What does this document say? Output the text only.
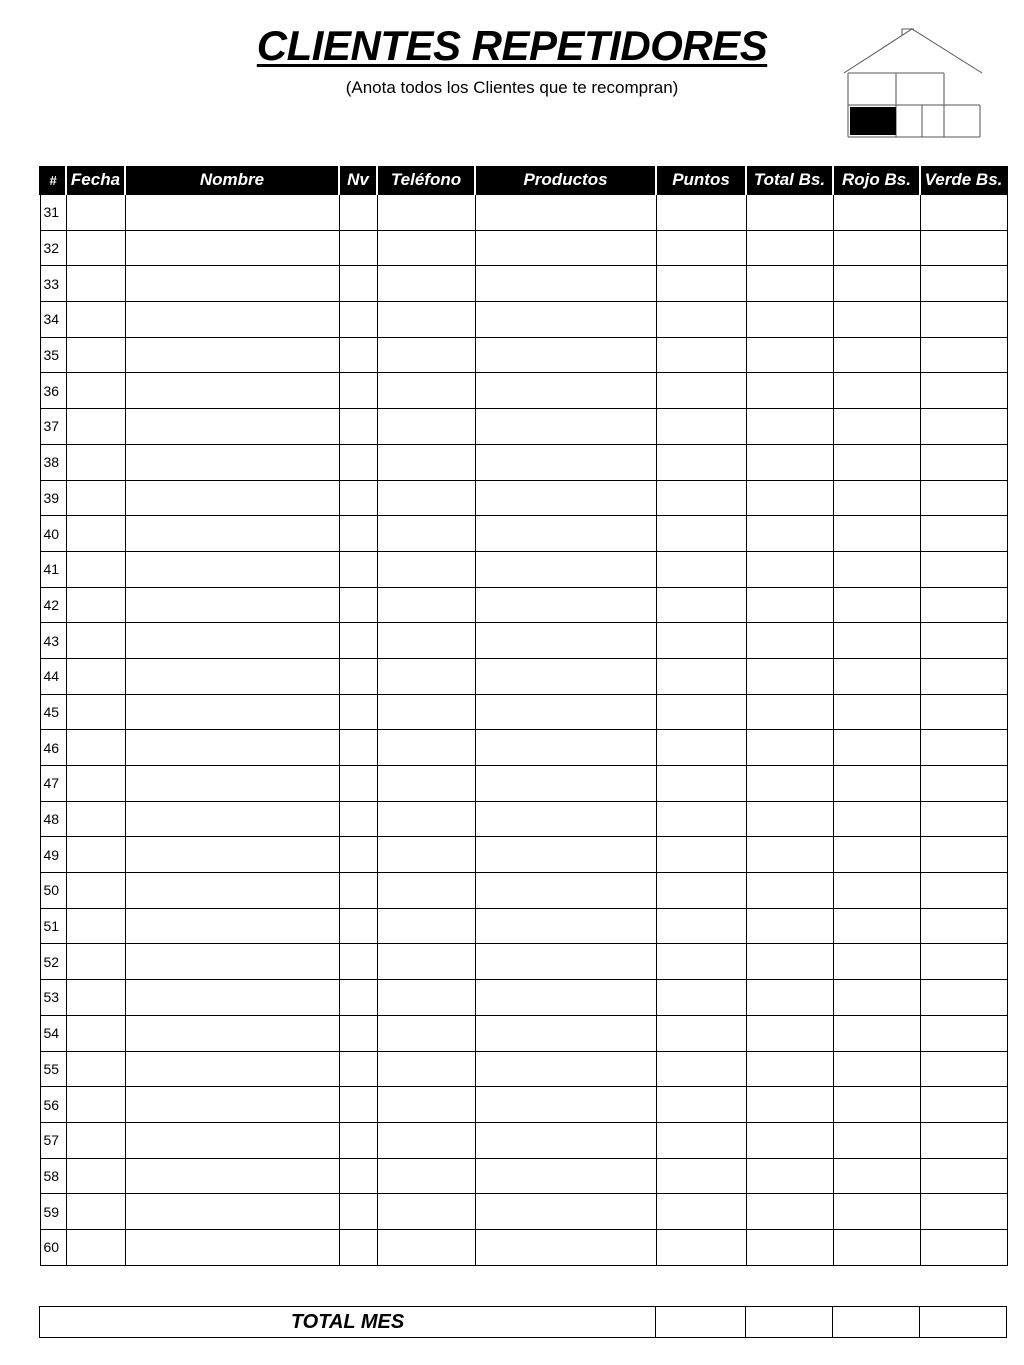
CLIENTES REPETIDORES
(Anota todos los Clientes que te recompran)
#	Fecha	Nombre	Nv	Teléfono	Productos	Puntos	Total Bs.	Rojo Bs.	Verde Bs.
31									
32									
33									
34									
35									
36									
37									
38									
39									
40									
41									
42									
43									
44									
45									
46									
47									
48									
49									
50									
51									
52									
53									
54									
55									
56									
57									
58									
59									
60									
TOTAL MES				
